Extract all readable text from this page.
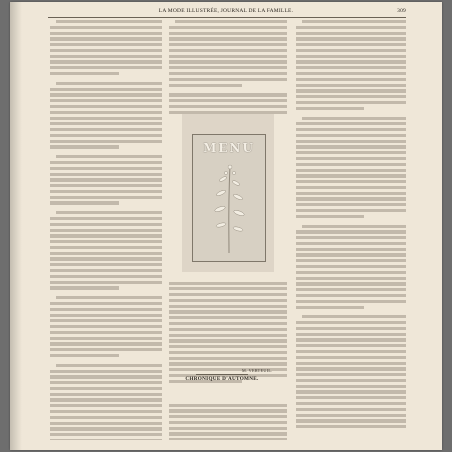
LA MODE ILLUSTRÉE, JOURNAL DE LA FAMILLE.	309
MENU
M. VERTEUIL.
CHRONIQUE D'AUTOMNE.
